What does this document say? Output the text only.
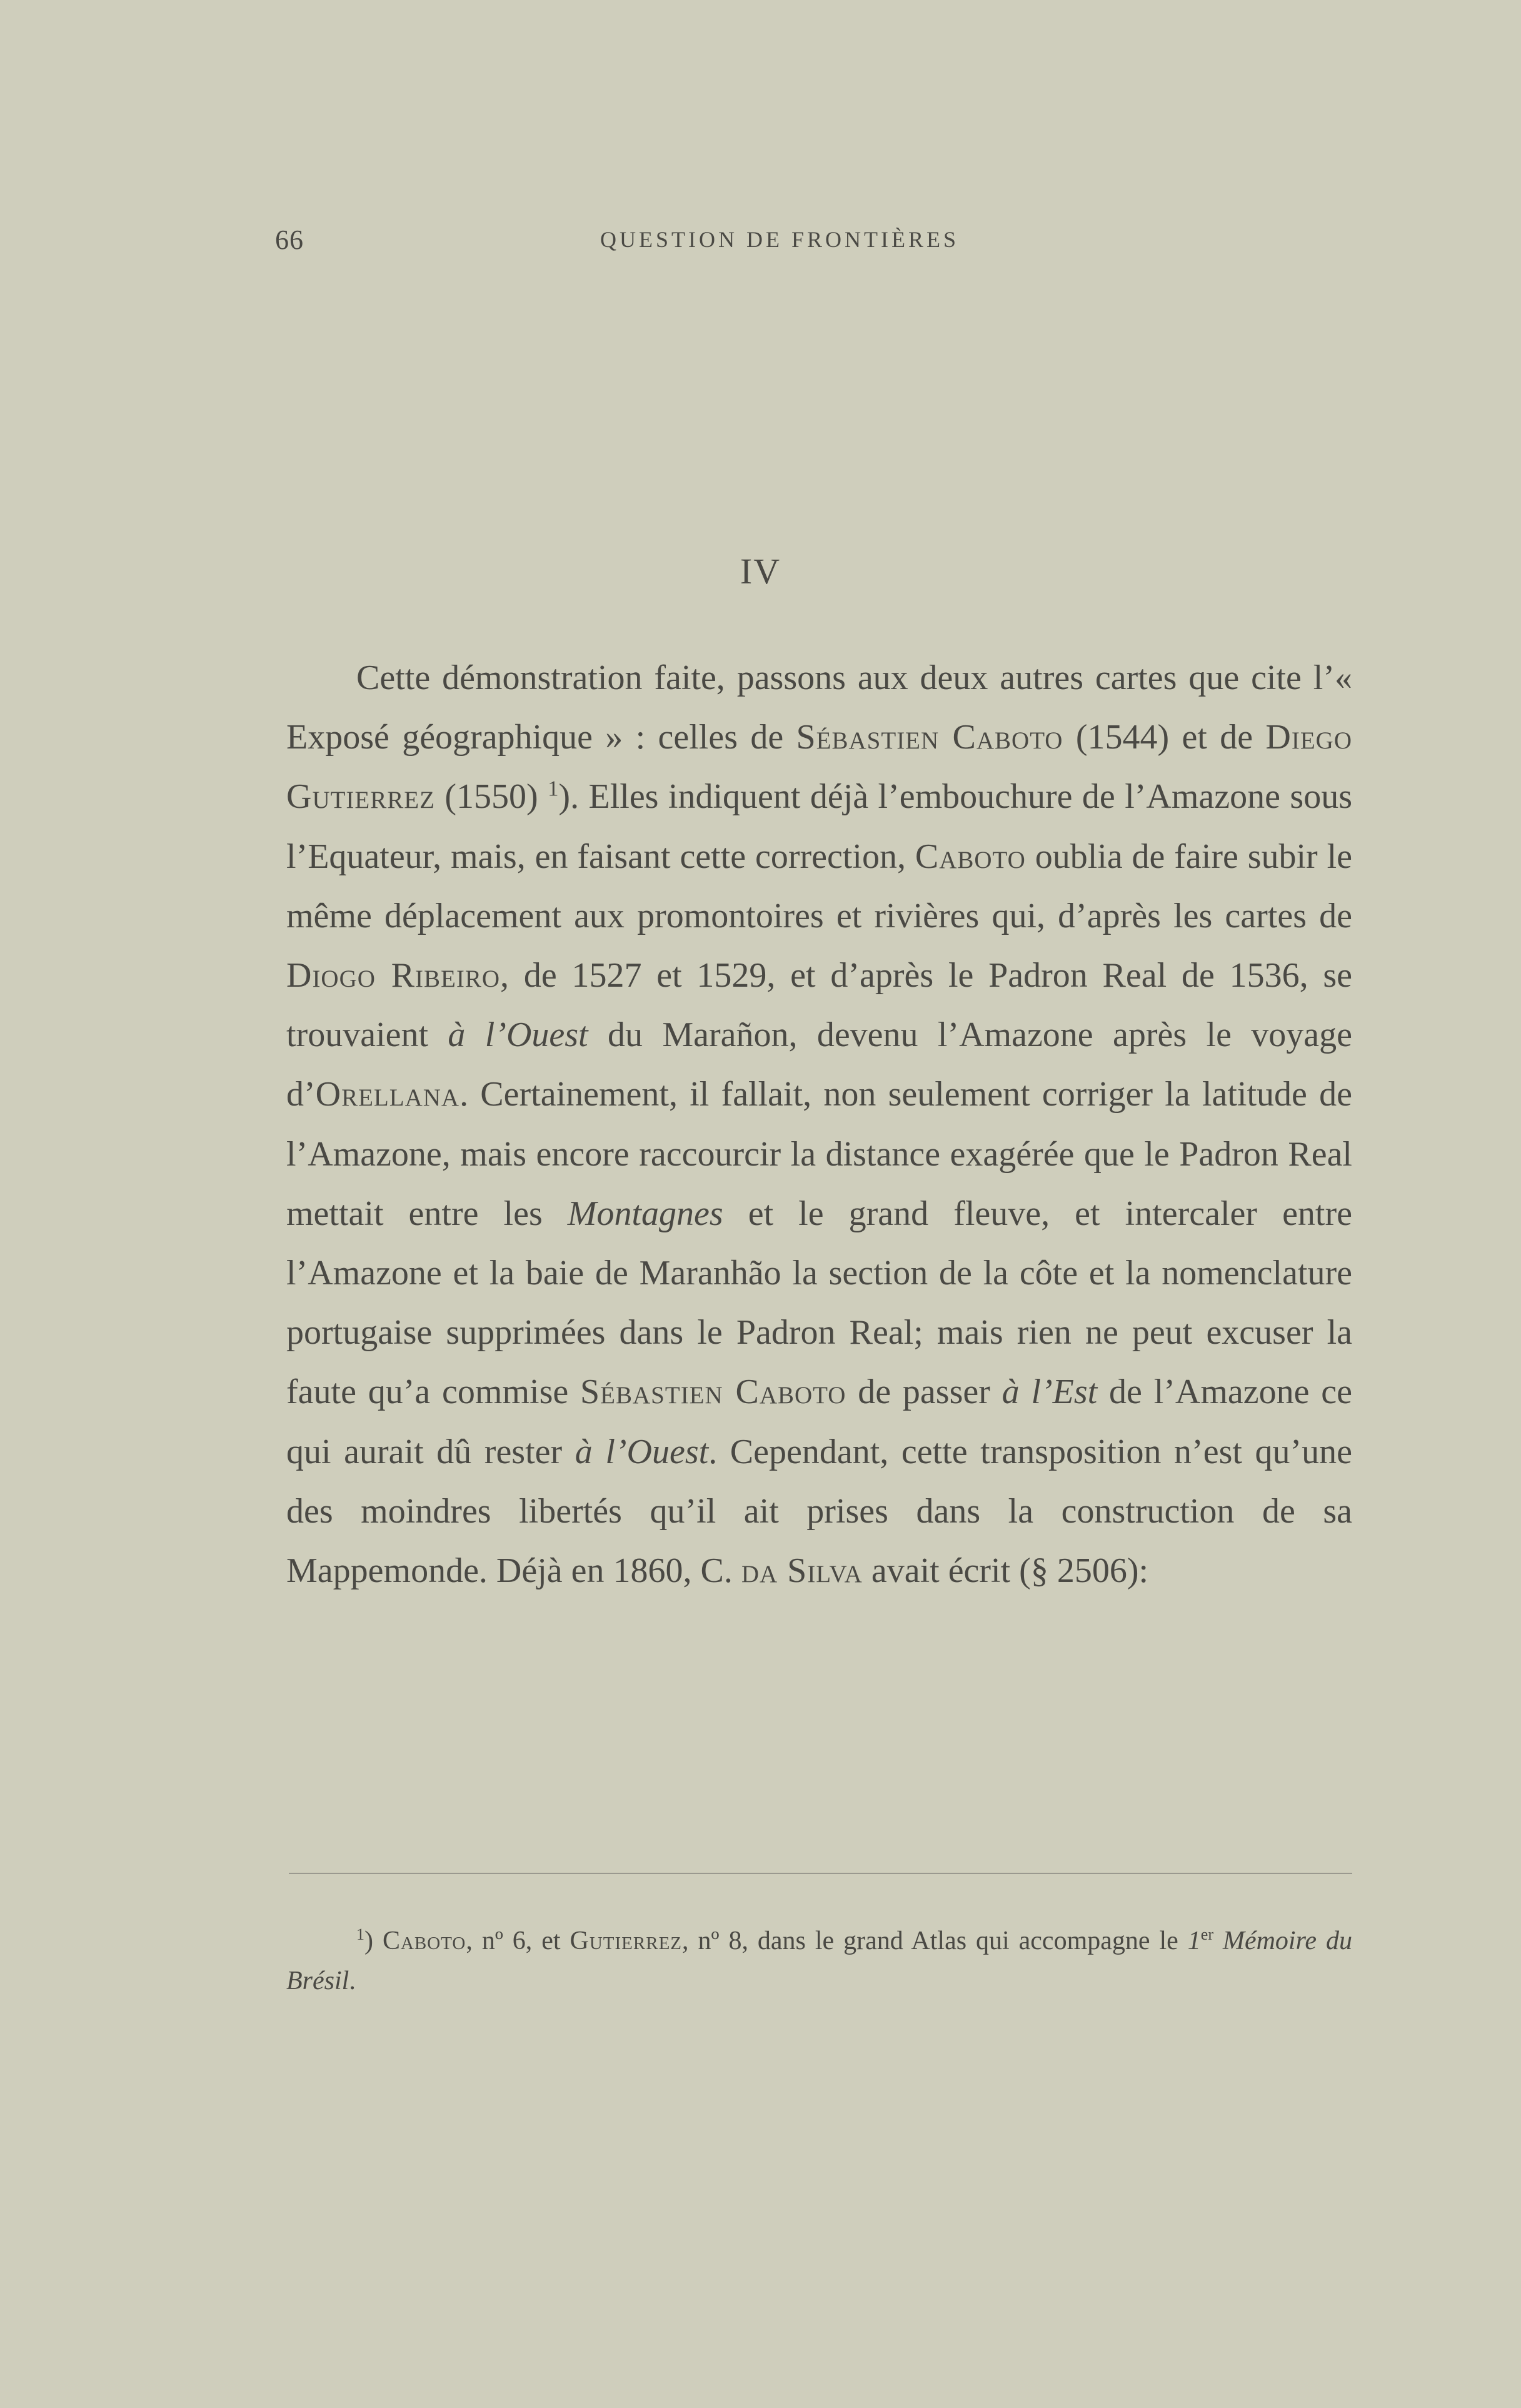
66	QUESTION DE FRONTIÈRES
IV

Cette démonstration faite, passons aux deux autres cartes que cite l’« Exposé géographique » : celles de Sébastien Caboto (1544) et de Diego Gutierrez (1550) $^1$). Elles indiquent déjà l’embouchure de l’Amazone sous l’Equateur, mais, en faisant cette correction, Caboto oublia de faire subir le même déplacement aux promontoires et rivières qui, d’après les cartes de Diogo Ribeiro, de 1527 et 1529, et d’après le Padron Real de 1536, se trouvaient à l’Ouest du Marañon, devenu l’Amazone après le voyage d’Orellana. Certainement, il fallait, non seulement corriger la latitude de l’Amazone, mais encore raccourcir la distance exagérée que le Padron Real mettait entre les Montagnes et le grand fleuve, et intercaler entre l’Amazone et la baie de Maranhão la section de la côte et la nomenclature portugaise supprimées dans le Padron Real; mais rien ne peut excuser la faute qu’a commise Sébastien Caboto de passer à l’Est de l’Amazone ce qui aurait dû rester à l’Ouest. Cependant, cette transposition n’est qu’une des moindres libertés qu’il ait prises dans la construction de sa Mappemonde. Déjà en 1860, C. da Silva avait écrit (§ 2506):

$^1$) Caboto, nº 6, et Gutierrez, nº 8, dans le grand Atlas qui accompagne le 1er Mémoire du Brésil.
